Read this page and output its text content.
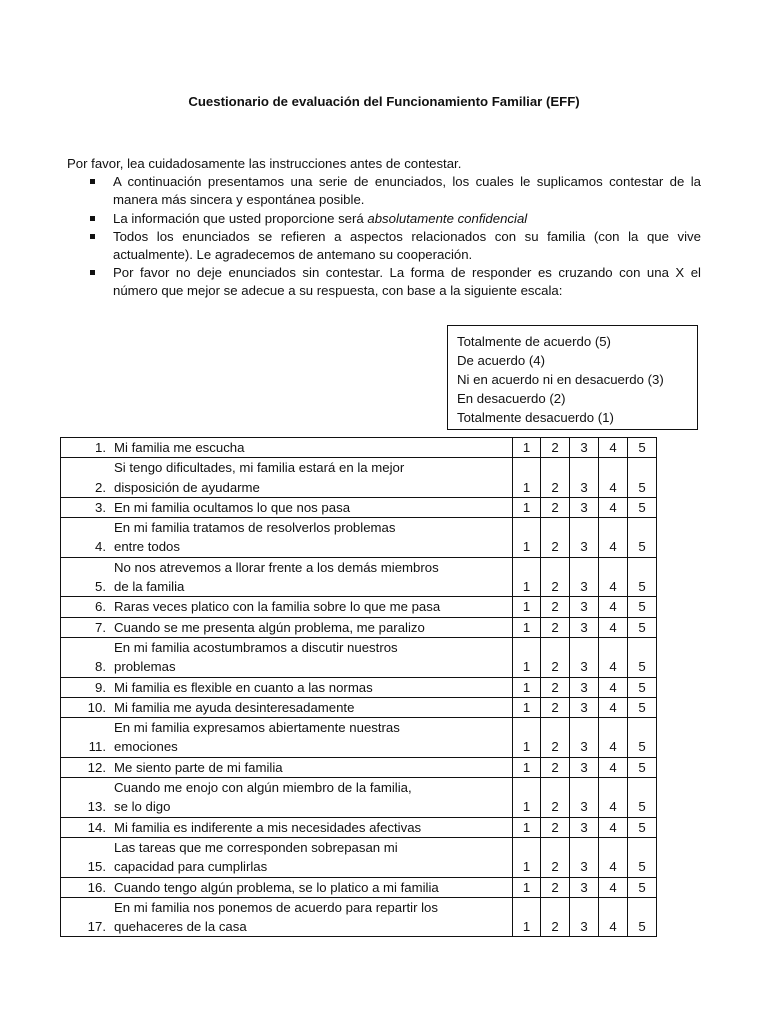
Cuestionario de evaluación del Funcionamiento Familiar (EFF)
Por favor, lea cuidadosamente las instrucciones antes de contestar.
A continuación presentamos una serie de enunciados, los cuales le suplicamos contestar de la manera más sincera y espontánea posible.
La información que usted proporcione será absolutamente confidencial
Todos los enunciados se refieren a aspectos relacionados con su familia (con la que vive actualmente). Le agradecemos de antemano su cooperación.
Por favor no deje enunciados sin contestar. La forma de responder es cruzando con una X el número que mejor se adecue a su respuesta, con base a la siguiente escala:
Totalmente de acuerdo (5)
De acuerdo (4)
Ni en acuerdo ni en desacuerdo (3)
En desacuerdo (2)
Totalmente desacuerdo (1)
1. Mi familia me escucha	1	2	3	4	5

2.
Si tengo dificultades, mi familia estará en la mejor
disposición de ayudarme	1	2	3	4	5

3. En mi familia ocultamos lo que nos pasa	1	2	3	4	5

4.
En mi familia tratamos de resolverlos problemas
entre todos	1	2	3	4	5

5.
No nos atrevemos a llorar frente a los demás miembros
de la familia	1	2	3	4	5

6. Raras veces platico con la familia sobre lo que me pasa	1	2	3	4	5

7. Cuando se me presenta algún problema, me paralizo	1	2	3	4	5

8.
En mi familia acostumbramos a discutir nuestros
problemas	1	2	3	4	5

9. Mi familia es flexible en cuanto a las normas	1	2	3	4	5

10. Mi familia me ayuda desinteresadamente	1	2	3	4	5

11.
En mi familia expresamos abiertamente nuestras
emociones	1	2	3	4	5

12. Me siento parte de mi familia	1	2	3	4	5

13.
Cuando me enojo con algún miembro de la familia,
se lo digo	1	2	3	4	5

14. Mi familia es indiferente a mis necesidades afectivas	1	2	3	4	5

15.
Las tareas que me corresponden sobrepasan mi
capacidad para cumplirlas	1	2	3	4	5

16. Cuando tengo algún problema, se lo platico a mi familia	1	2	3	4	5

17.
En mi familia nos ponemos de acuerdo para repartir los
quehaceres de la casa	1	2	3	4	5
